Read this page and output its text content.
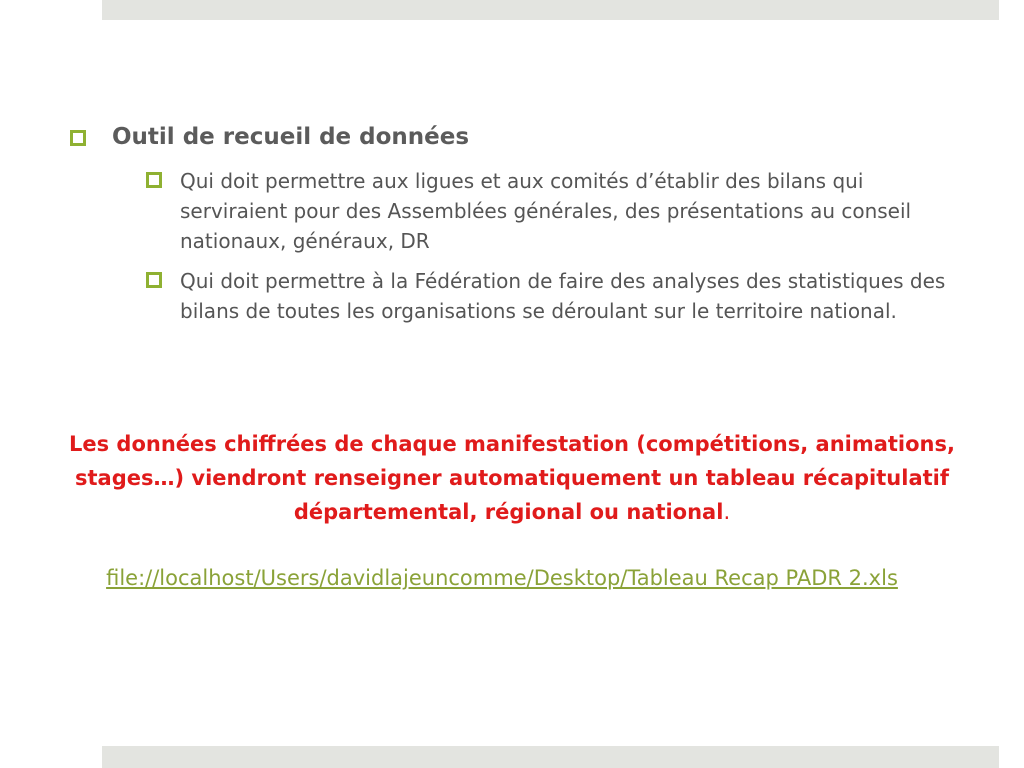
Outil de recueil de données
Qui doit permettre aux ligues et aux comités d’établir des bilans qui serviraient pour des Assemblées générales, des présentations au conseil nationaux, généraux, DR
Qui doit permettre à la Fédération de faire des analyses des statistiques des bilans de toutes les organisations se déroulant sur le territoire national.
Les données chiffrées de chaque manifestation (compétitions, animations, stages…) viendront renseigner automatiquement un tableau récapitulatif départemental, régional ou national.
file://localhost/Users/davidlajeuncomme/Desktop/Tableau Recap PADR 2.xls
